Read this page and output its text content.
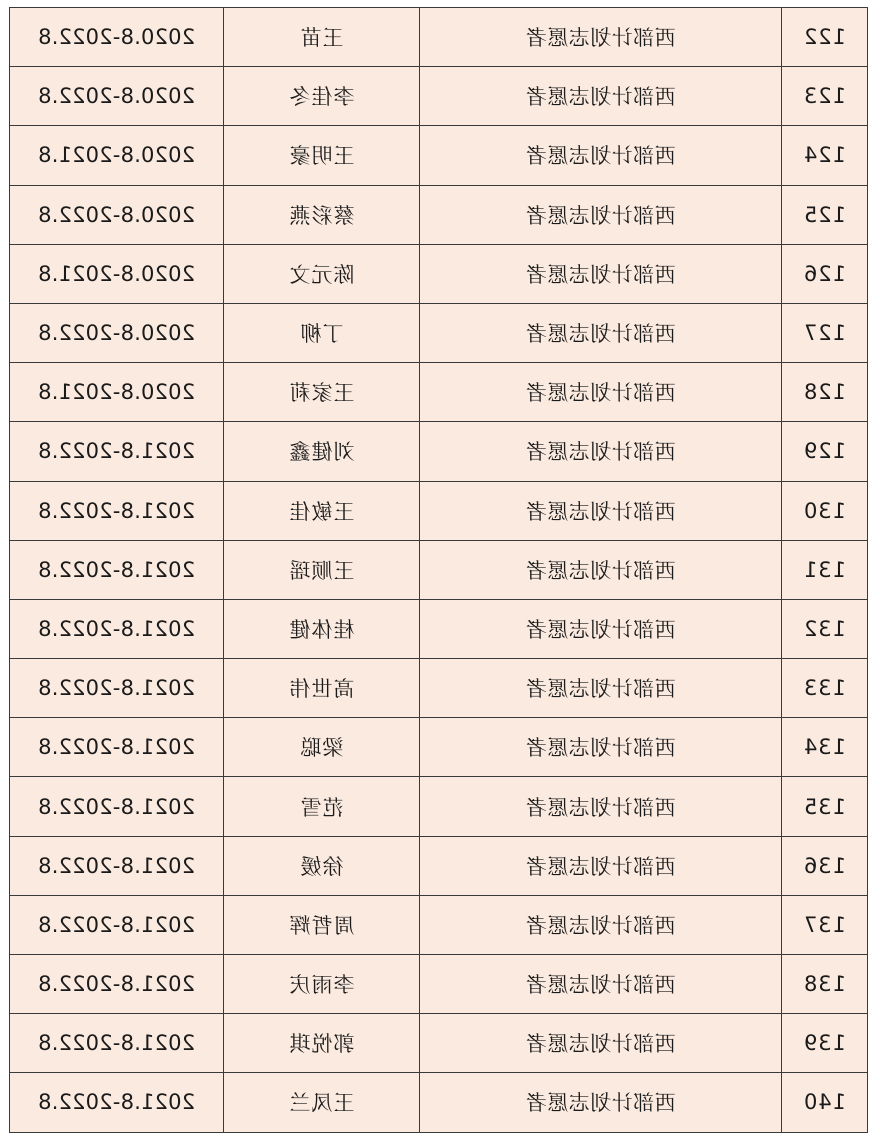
122	西部计划志愿者	王苗	2020.8-2022.8
123	西部计划志愿者	李佳冬	2020.8-2022.8
124	西部计划志愿者	王明豪	2020.8-2021.8
125	西部计划志愿者	蔡彩燕	2020.8-2022.8
126	西部计划志愿者	陈元文	2020.8-2021.8
127	西部计划志愿者	丁柳	2020.8-2022.8
128	西部计划志愿者	王家莉	2020.8-2021.8
129	西部计划志愿者	刘健鑫	2021.8-2022.8
130	西部计划志愿者	王敏佳	2021.8-2022.8
131	西部计划志愿者	王顺瑶	2021.8-2022.8
132	西部计划志愿者	桂体健	2021.8-2022.8
133	西部计划志愿者	高世伟	2021.8-2022.8
134	西部计划志愿者	梁聪	2021.8-2022.8
135	西部计划志愿者	范雪	2021.8-2022.8
136	西部计划志愿者	徐媛	2021.8-2022.8
137	西部计划志愿者	周哲辉	2021.8-2022.8
138	西部计划志愿者	李雨庆	2021.8-2022.8
139	西部计划志愿者	郭悦琪	2021.8-2022.8
140	西部计划志愿者	王凤兰	2021.8-2022.8
